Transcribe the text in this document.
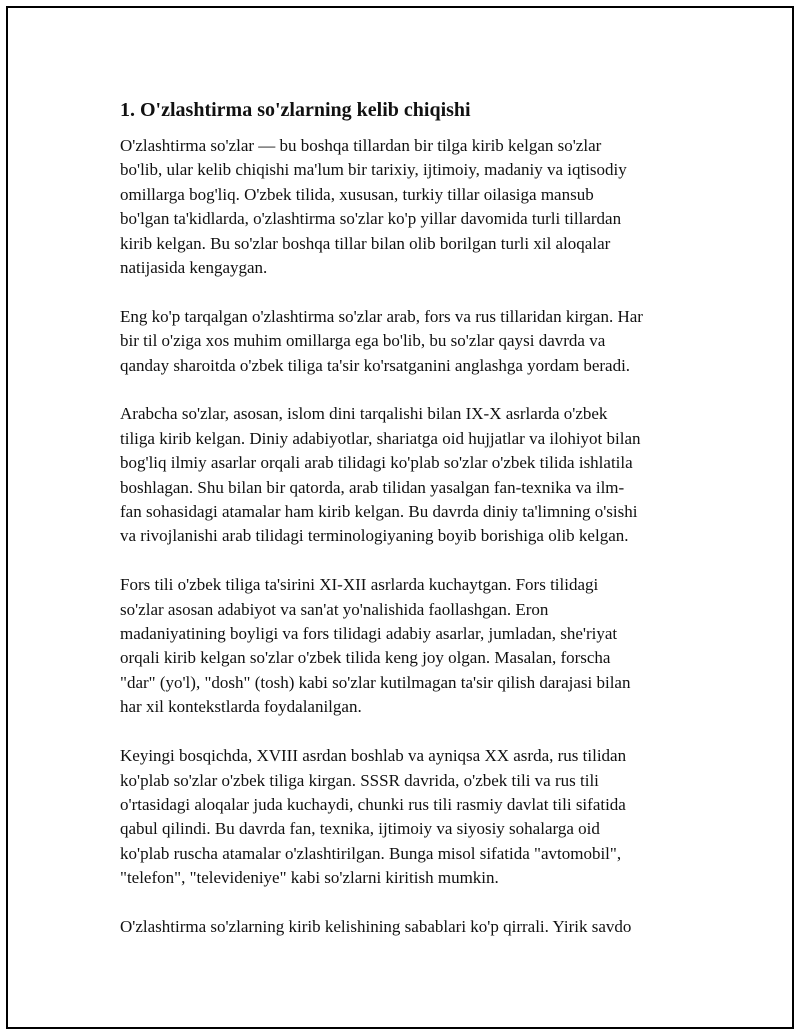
1. O'zlashtirma so'zlarning kelib chiqishi

O'zlashtirma so'zlar — bu boshqa tillardan bir tilga kirib kelgan so'zlar
bo'lib, ular kelib chiqishi ma'lum bir tarixiy, ijtimoiy, madaniy va iqtisodiy
omillarga bog'liq. O'zbek tilida, xususan, turkiy tillar oilasiga mansub
bo'lgan ta'kidlarda, o'zlashtirma so'zlar ko'p yillar davomida turli tillardan
kirib kelgan. Bu so'zlar boshqa tillar bilan olib borilgan turli xil aloqalar
natijasida kengaygan.

Eng ko'p tarqalgan o'zlashtirma so'zlar arab, fors va rus tillaridan kirgan. Har
bir til o'ziga xos muhim omillarga ega bo'lib, bu so'zlar qaysi davrda va
qanday sharoitda o'zbek tiliga ta'sir ko'rsatganini anglashga yordam beradi.

Arabcha so'zlar, asosan, islom dini tarqalishi bilan IX-X asrlarda o'zbek
tiliga kirib kelgan. Diniy adabiyotlar, shariatga oid hujjatlar va ilohiyot bilan
bog'liq ilmiy asarlar orqali arab tilidagi ko'plab so'zlar o'zbek tilida ishlatila
boshlagan. Shu bilan bir qatorda, arab tilidan yasalgan fan-texnika va ilm-
fan sohasidagi atamalar ham kirib kelgan. Bu davrda diniy ta'limning o'sishi
va rivojlanishi arab tilidagi terminologiyaning boyib borishiga olib kelgan.

Fors tili o'zbek tiliga ta'sirini XI-XII asrlarda kuchaytgan. Fors tilidagi
so'zlar asosan adabiyot va san'at yo'nalishida faollashgan. Eron
madaniyatining boyligi va fors tilidagi adabiy asarlar, jumladan, she'riyat
orqali kirib kelgan so'zlar o'zbek tilida keng joy olgan. Masalan, forscha
"dar" (yo'l), "dosh" (tosh) kabi so'zlar kutilmagan ta'sir qilish darajasi bilan
har xil kontekstlarda foydalanilgan.

Keyingi bosqichda, XVIII asrdan boshlab va ayniqsa XX asrda, rus tilidan
ko'plab so'zlar o'zbek tiliga kirgan. SSSR davrida, o'zbek tili va rus tili
o'rtasidagi aloqalar juda kuchaydi, chunki rus tili rasmiy davlat tili sifatida
qabul qilindi. Bu davrda fan, texnika, ijtimoiy va siyosiy sohalarga oid
ko'plab ruscha atamalar o'zlashtirilgan. Bunga misol sifatida "avtomobil",
"telefon", "televideniye" kabi so'zlarni kiritish mumkin.

O'zlashtirma so'zlarning kirib kelishining sabablari ko'p qirrali. Yirik savdo
